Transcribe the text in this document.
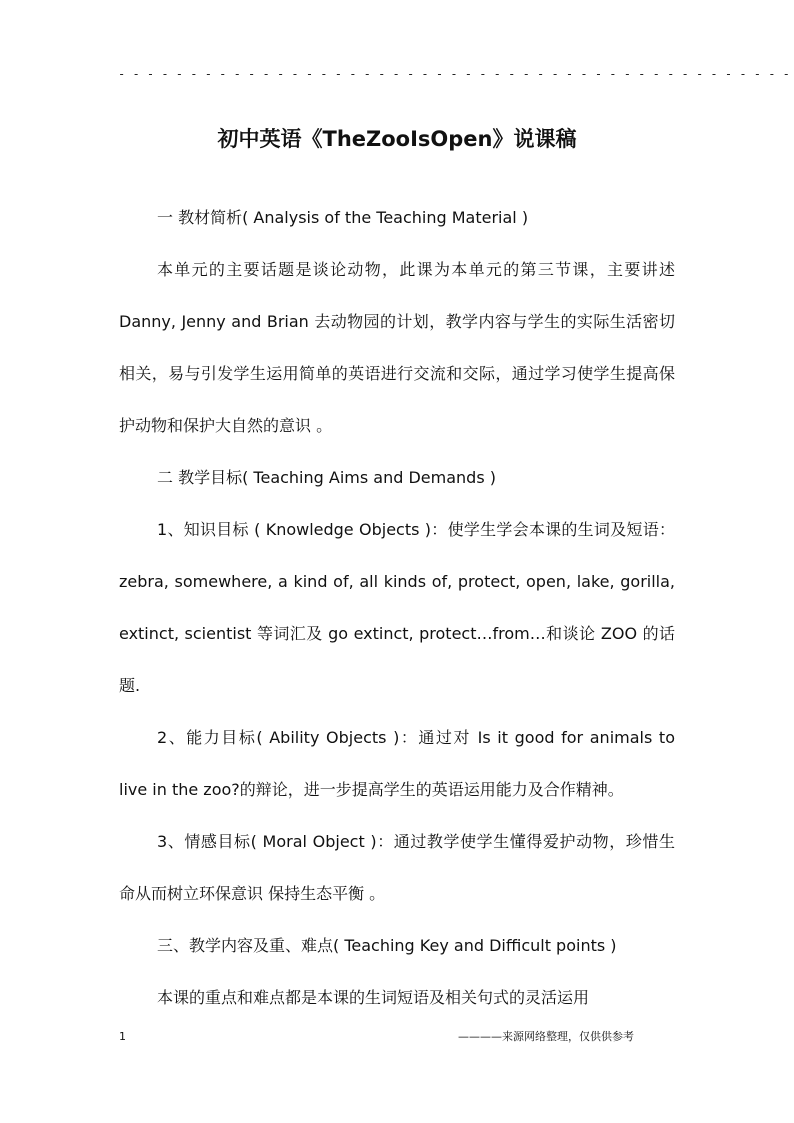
- - - - - - - - - - - - - - - - - - - - - - - - - - - - - - - - - - - - - - - - - - - - - - -
初中英语《TheZooIsOpen》说课稿

一 教材简析( Analysis of the Teaching Material )

本单元的主要话题是谈论动物，此课为本单元的第三节课，主要讲述 Danny, Jenny and Brian 去动物园的计划，教学内容与学生的实际生活密切相关，易与引发学生运用简单的英语进行交流和交际，通过学习使学生提高保护动物和保护大自然的意识 。

二 教学目标( Teaching Aims and Demands )

1、知识目标 ( Knowledge Objects )：使学生学会本课的生词及短语：zebra, somewhere, a kind of, all kinds of, protect, open, lake, gorilla, extinct, scientist 等词汇及 go extinct, protect…from…和谈论 ZOO 的话题.

2、能力目标( Ability Objects )：通过对 Is it good for animals to live in the zoo?的辩论，进一步提高学生的英语运用能力及合作精神。

3、情感目标( Moral Object )：通过教学使学生懂得爱护动物，珍惜生命从而树立环保意识 保持生态平衡 。

三、教学内容及重、难点( Teaching Key and Difficult points )

本课的重点和难点都是本课的生词短语及相关句式的灵活运用

1	————来源网络整理，仅供供参考
